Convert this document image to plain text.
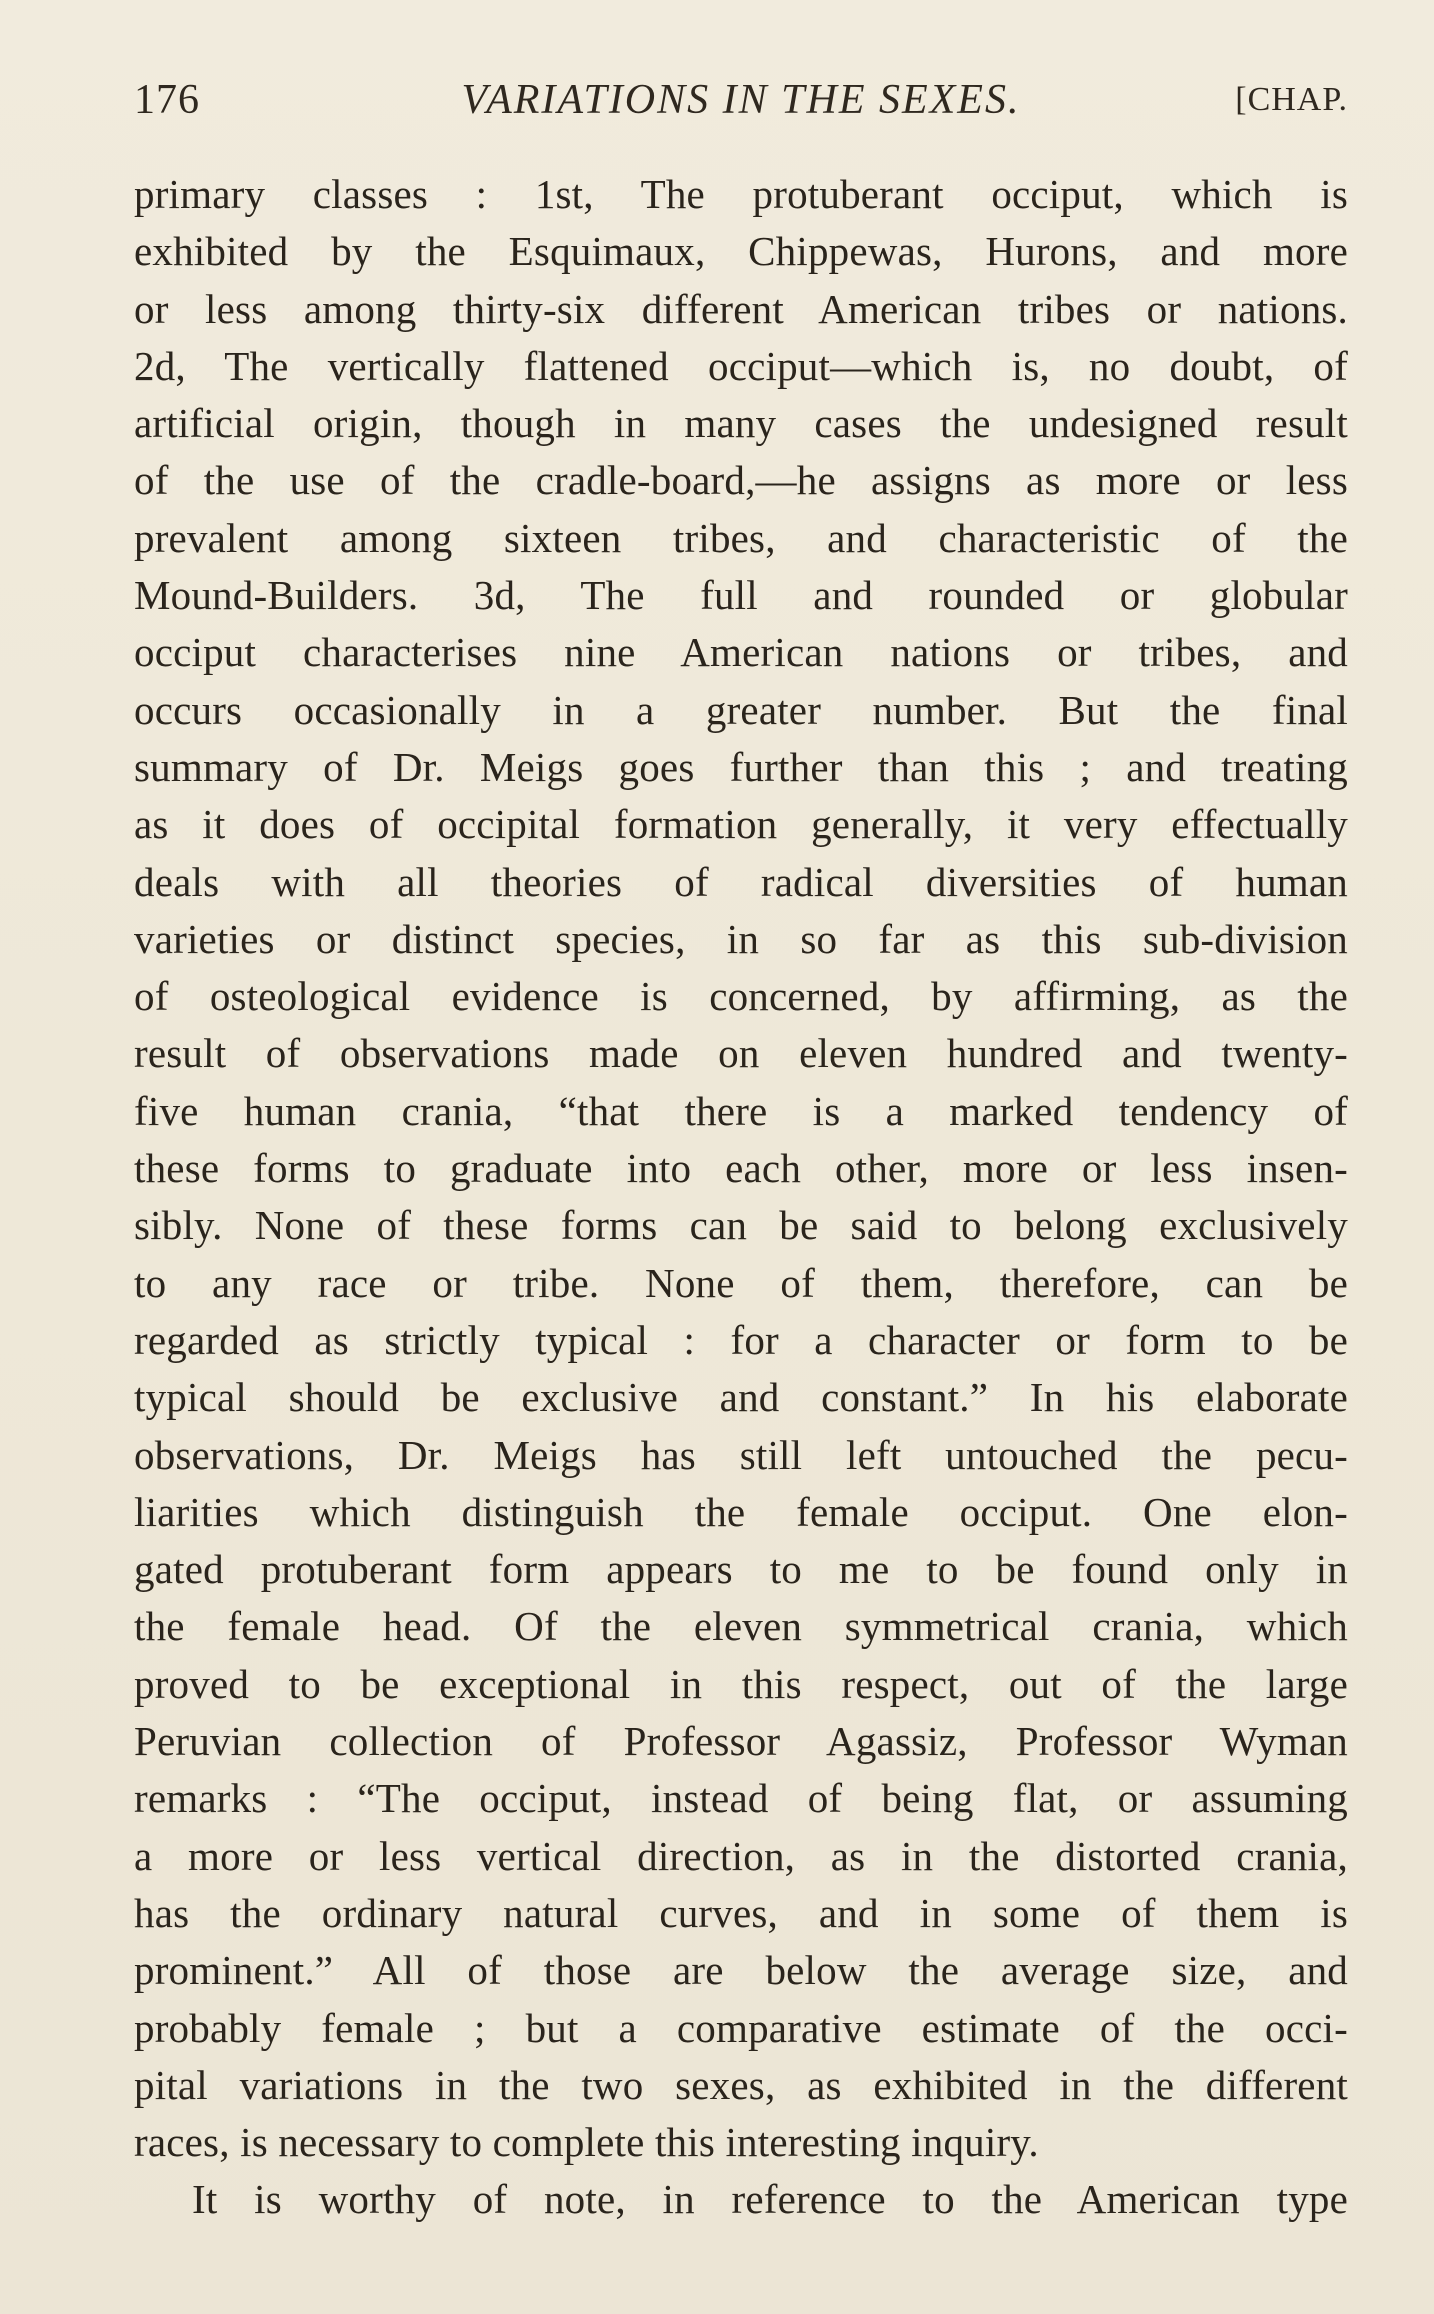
176	VARIATIONS IN THE SEXES.	[CHAP.
primary classes : 1st, The protuberant occiput, which is
exhibited by the Esquimaux, Chippewas, Hurons, and more
or less among thirty-six different American tribes or nations.
2d, The vertically flattened occiput—which is, no doubt, of
artificial origin, though in many cases the undesigned result
of the use of the cradle-board,—he assigns as more or less
prevalent among sixteen tribes, and characteristic of the
Mound-Builders. 3d, The full and rounded or globular
occiput characterises nine American nations or tribes, and
occurs occasionally in a greater number. But the final
summary of Dr. Meigs goes further than this ; and treating
as it does of occipital formation generally, it very effectually
deals with all theories of radical diversities of human
varieties or distinct species, in so far as this sub-division
of osteological evidence is concerned, by affirming, as the
result of observations made on eleven hundred and twenty-
five human crania, “that there is a marked tendency of
these forms to graduate into each other, more or less insen-
sibly. None of these forms can be said to belong exclusively
to any race or tribe. None of them, therefore, can be
regarded as strictly typical : for a character or form to be
typical should be exclusive and constant.” In his elaborate
observations, Dr. Meigs has still left untouched the pecu-
liarities which distinguish the female occiput. One elon-
gated protuberant form appears to me to be found only in
the female head. Of the eleven symmetrical crania, which
proved to be exceptional in this respect, out of the large
Peruvian collection of Professor Agassiz, Professor Wyman
remarks : “The occiput, instead of being flat, or assuming
a more or less vertical direction, as in the distorted crania,
has the ordinary natural curves, and in some of them is
prominent.” All of those are below the average size, and
probably female ; but a comparative estimate of the occi-
pital variations in the two sexes, as exhibited in the different
races, is necessary to complete this interesting inquiry.
It is worthy of note, in reference to the American type
